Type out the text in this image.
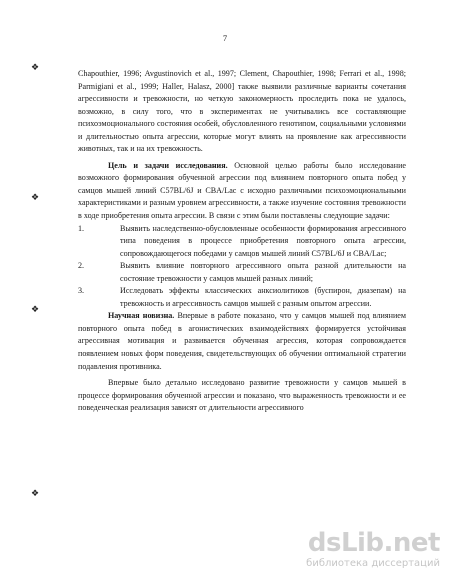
7
❖
❖
❖
❖

Chapouthier, 1996; Avgustinovich et al., 1997; Clement, Chapouthier, 1998; Ferrari et al., 1998; Parmigiani et al., 1999; Haller, Halasz, 2000] также выявили различные варианты сочетания агрессивности и тревожности, но четкую закономерность проследить пока не удалось, возможно, в силу того, что в экспериментах не учитывались все составляющие психоэмоционального состояния особей, обусловленного генотипом, социальными условиями и длительностью опыта агрессии, которые могут влиять на проявление как агрессивности животных, так и на их тревожность.

Цель и задачи исследования. Основной целью работы было исследование возможного формирования обученной агрессии под влиянием повторного опыта побед у самцов мышей линий C57BL/6J и CBA/Lac с исходно различными психоэмоциональными характеристиками и разным уровнем агрессивности, а также изучение состояния тревожности в ходе приобретения опыта агрессии. В связи с этим были поставлены следующие задачи:

1.	Выявить наследственно-обусловленные особенности формирования агрессивного типа поведения в процессе приобретения повторного опыта агрессии, сопровождающегося победами у самцов мышей линий C57BL/6J и CBA/Lac;
2.	Выявить влияние повторного агрессивного опыта разной длительности на состояние тревожности у самцов мышей разных линий;
3.	Исследовать эффекты классических анксиолитиков (буспирон, диазепам) на тревожность и агрессивность самцов мышей с разным опытом агрессии.

Научная новизна. Впервые в работе показано, что у самцов мышей под влиянием повторного опыта побед в агонистических взаимодействиях формируется устойчивая агрессивная мотивация и развивается обученная агрессия, которая сопровождается появлением новых форм поведения, свидетельствующих об обучении оптимальной стратегии подавления противника.

Впервые было детально исследовано развитие тревожности у самцов мышей в процессе формирования обученной агрессии и показано, что выраженность тревожности и ее поведенческая реализация зависят от длительности агрессивного

dsLib.net
библиотека диссертаций
